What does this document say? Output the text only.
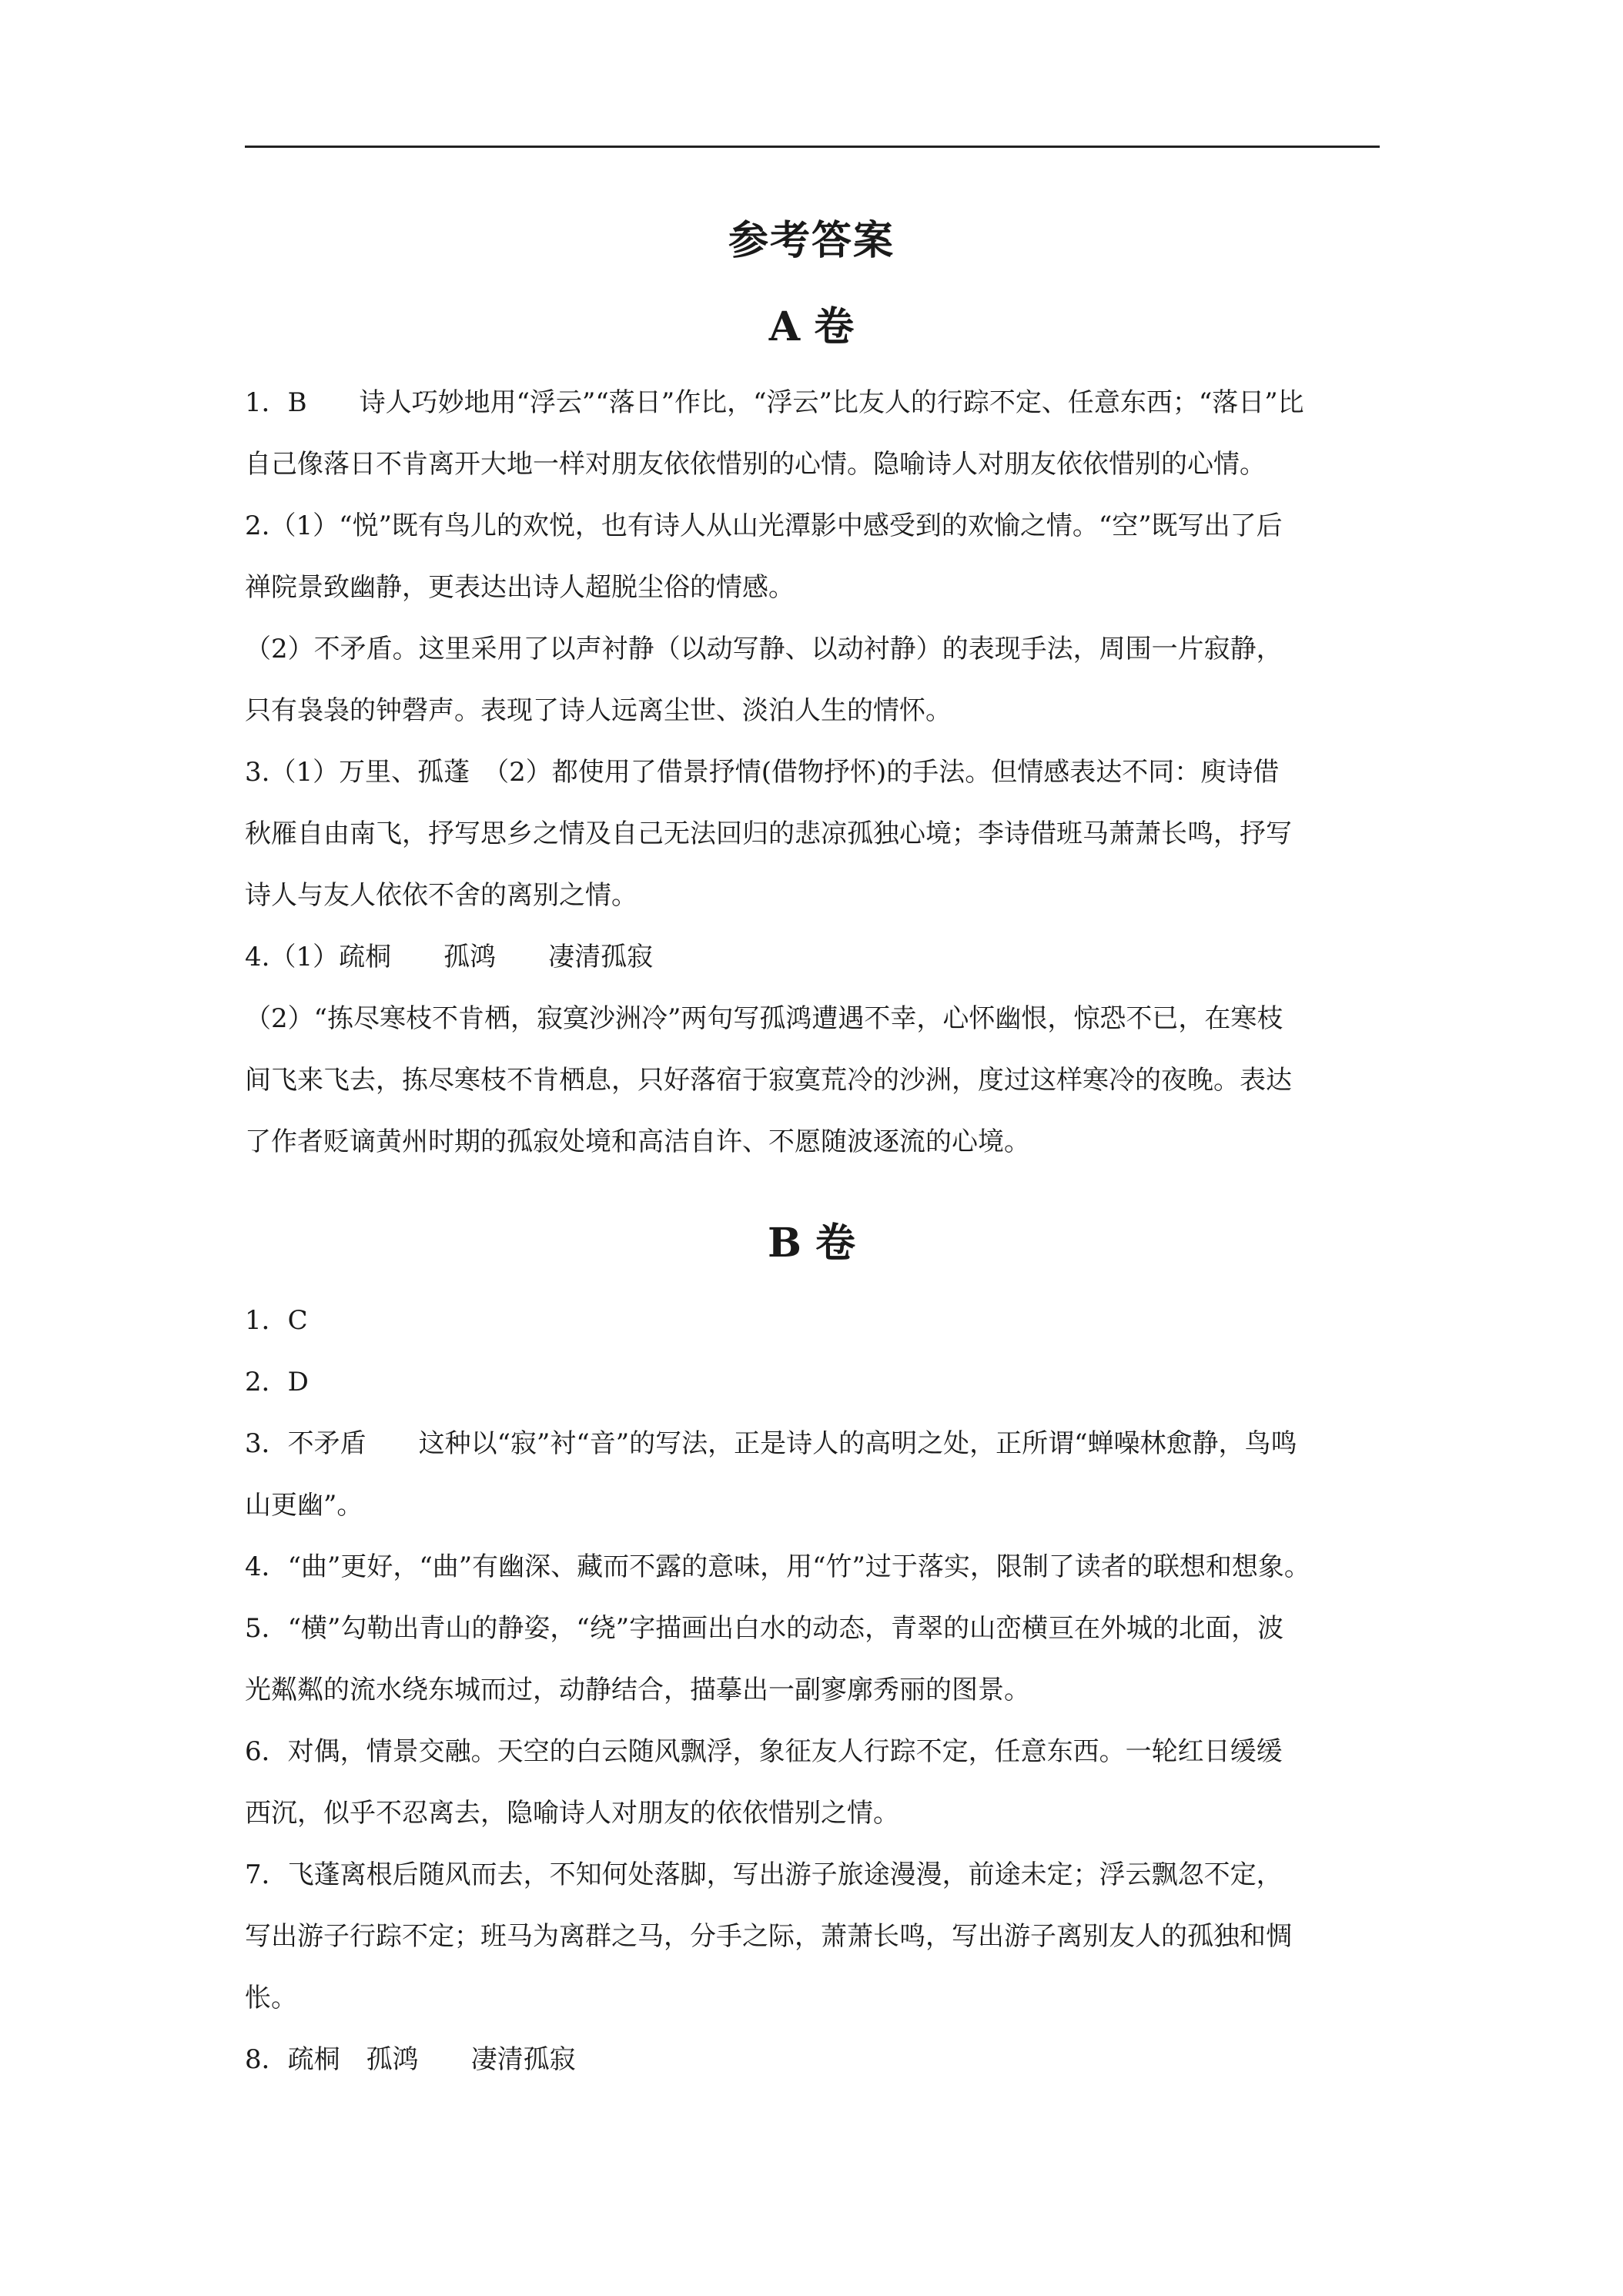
参考答案
A 卷
1．B　　诗人巧妙地用“浮云”“落日”作比，“浮云”比友人的行踪不定、任意东西；“落日”比
自己像落日不肯离开大地一样对朋友依依惜别的心情。隐喻诗人对朋友依依惜别的心情。
2.（1）“悦”既有鸟儿的欢悦，也有诗人从山光潭影中感受到的欢愉之情。“空”既写出了后
禅院景致幽静，更表达出诗人超脱尘俗的情感。
（2）不矛盾。这里采用了以声衬静（以动写静、以动衬静）的表现手法，周围一片寂静，
只有袅袅的钟磬声。表现了诗人远离尘世、淡泊人生的情怀。
3.（1）万里、孤蓬　（2）都使用了借景抒情(借物抒怀)的手法。但情感表达不同：庾诗借
秋雁自由南飞，抒写思乡之情及自己无法回归的悲凉孤独心境；李诗借班马萧萧长鸣，抒写
诗人与友人依依不舍的离别之情。
4.（1）疏桐　　孤鸿　　凄清孤寂
（2）“拣尽寒枝不肯栖，寂寞沙洲冷”两句写孤鸿遭遇不幸，心怀幽恨，惊恐不已，在寒枝
间飞来飞去，拣尽寒枝不肯栖息，只好落宿于寂寞荒冷的沙洲，度过这样寒冷的夜晚。表达
了作者贬谪黄州时期的孤寂处境和高洁自许、不愿随波逐流的心境。
B 卷
1．C
2．D
3．不矛盾　　这种以“寂”衬“音”的写法，正是诗人的高明之处，正所谓“蝉噪林愈静，鸟鸣
山更幽”。
4．“曲”更好，“曲”有幽深、藏而不露的意味，用“竹”过于落实，限制了读者的联想和想象。
5．“横”勾勒出青山的静姿，“绕”字描画出白水的动态，青翠的山峦横亘在外城的北面，波
光粼粼的流水绕东城而过，动静结合，描摹出一副寥廓秀丽的图景。
6．对偶，情景交融。天空的白云随风飘浮，象征友人行踪不定，任意东西。一轮红日缓缓
西沉，似乎不忍离去，隐喻诗人对朋友的依依惜别之情。
7．飞蓬离根后随风而去，不知何处落脚，写出游子旅途漫漫，前途未定；浮云飘忽不定，
写出游子行踪不定；班马为离群之马，分手之际，萧萧长鸣，写出游子离别友人的孤独和惆
怅。
8．疏桐　孤鸿　　凄清孤寂
